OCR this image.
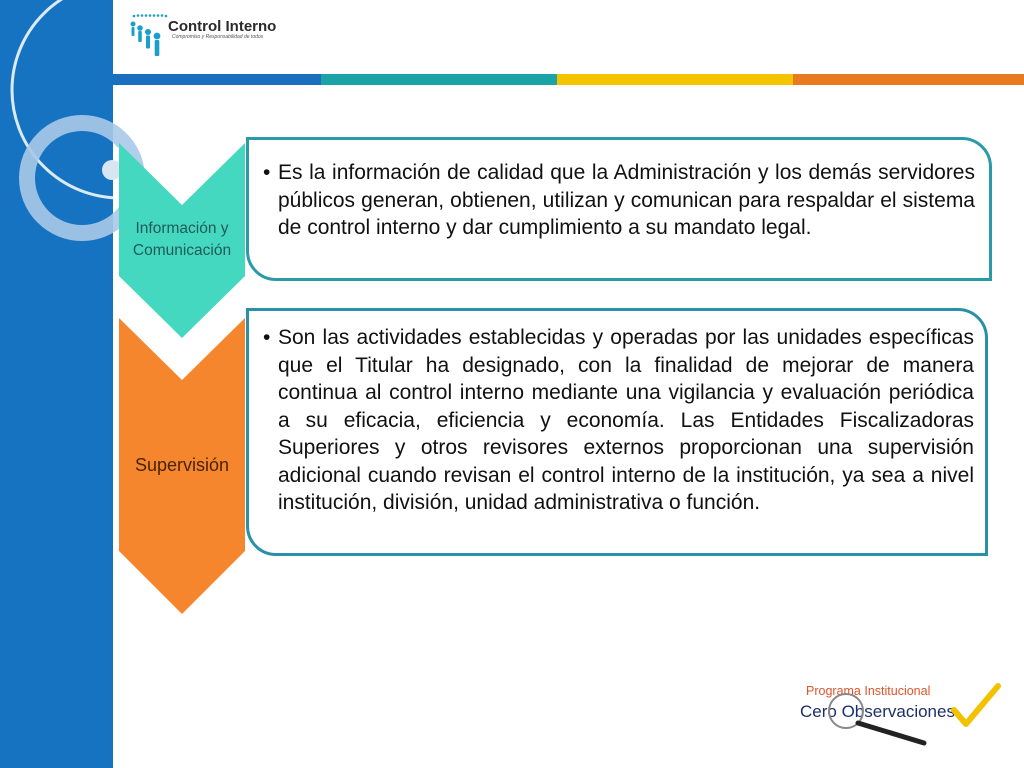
Control Interno
Compromiso y Responsabilidad de todos
Información y Comunicación
Supervisión
• Es la información de calidad que la Administración y los demás servidores públicos generan, obtienen, utilizan y comunican para respaldar el sistema de control interno y dar cumplimiento a su mandato legal.
• Son las actividades establecidas y operadas por las unidades específicas que el Titular ha designado, con la finalidad de mejorar de manera continua al control interno mediante una vigilancia y evaluación periódica a su eficacia, eficiencia y economía. Las Entidades Fiscalizadoras Superiores y otros revisores externos proporcionan una supervisión adicional cuando revisan el control interno de la institución, ya sea a nivel institución, división, unidad administrativa o función.
Programa Institucional
Cero Observaciones
